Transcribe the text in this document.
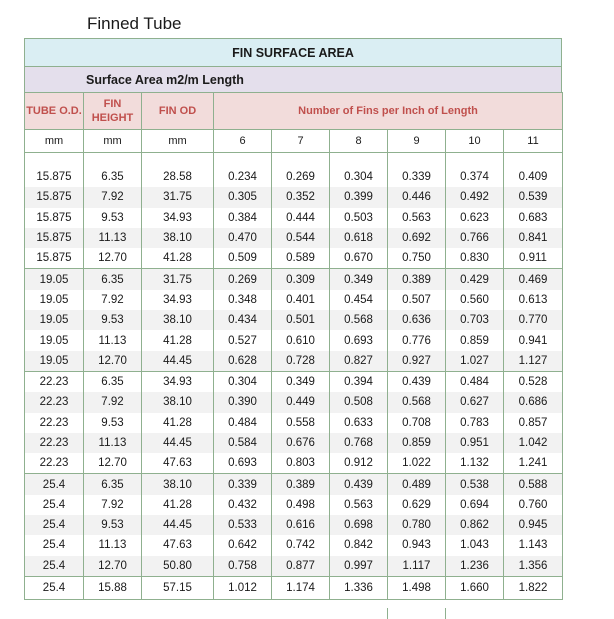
Finned Tube
FIN SURFACE AREA
Surface Area m2/m Length
TUBE O.D.	FIN HEIGHT	FIN OD	Number of Fins per Inch of Length					
mm	mm	mm	6	7	8	9	10	11

15.875	6.35	28.58	0.234	0.269	0.304	0.339	0.374	0.409
15.875	7.92	31.75	0.305	0.352	0.399	0.446	0.492	0.539
15.875	9.53	34.93	0.384	0.444	0.503	0.563	0.623	0.683
15.875	11.13	38.10	0.470	0.544	0.618	0.692	0.766	0.841
15.875	12.70	41.28	0.509	0.589	0.670	0.750	0.830	0.911
19.05	6.35	31.75	0.269	0.309	0.349	0.389	0.429	0.469
19.05	7.92	34.93	0.348	0.401	0.454	0.507	0.560	0.613
19.05	9.53	38.10	0.434	0.501	0.568	0.636	0.703	0.770
19.05	11.13	41.28	0.527	0.610	0.693	0.776	0.859	0.941
19.05	12.70	44.45	0.628	0.728	0.827	0.927	1.027	1.127
22.23	6.35	34.93	0.304	0.349	0.394	0.439	0.484	0.528
22.23	7.92	38.10	0.390	0.449	0.508	0.568	0.627	0.686
22.23	9.53	41.28	0.484	0.558	0.633	0.708	0.783	0.857
22.23	11.13	44.45	0.584	0.676	0.768	0.859	0.951	1.042
22.23	12.70	47.63	0.693	0.803	0.912	1.022	1.132	1.241
25.4	6.35	38.10	0.339	0.389	0.439	0.489	0.538	0.588
25.4	7.92	41.28	0.432	0.498	0.563	0.629	0.694	0.760
25.4	9.53	44.45	0.533	0.616	0.698	0.780	0.862	0.945
25.4	11.13	47.63	0.642	0.742	0.842	0.943	1.043	1.143
25.4	12.70	50.80	0.758	0.877	0.997	1.117	1.236	1.356
25.4	15.88	57.15	1.012	1.174	1.336	1.498	1.660	1.822
